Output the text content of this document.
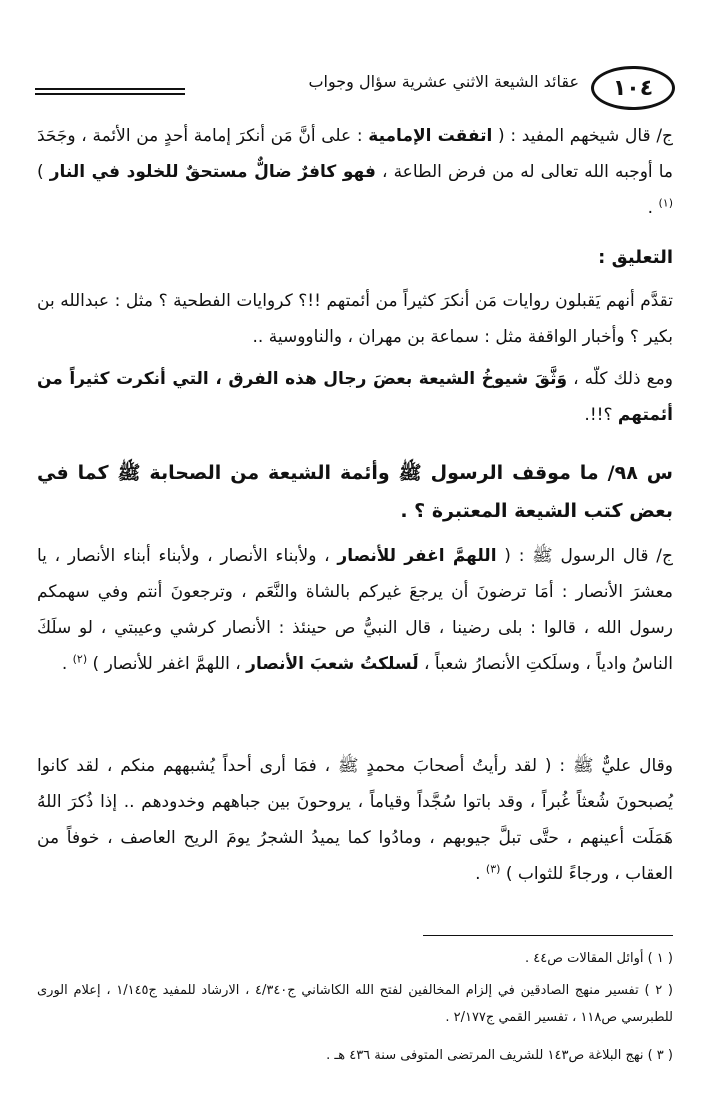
١٠٤
عقائد الشيعة الاثني عشرية سؤال وجواب
ج/ قال شيخهم المفيد : ( اتفقت الإمامية : على أنَّ مَن أنكرَ إمامة أحدٍ من الأئمة ، وجَحَدَ ما أوجبه الله تعالى له من فرض الطاعة ، فهو كافرٌ ضالٌّ مستحقٌ للخلود في النار ) $^{(١)}$ .
التعليق :
تقدَّم أنهم يَقبلون روايات مَن أنكرَ كثيراً من أئمتهم !!؟ كروايات الفطحية ؟ مثل : عبدالله بن بكير ؟ وأخبار الواقفة مثل : سماعة بن مهران ، والناووسية ..
ومع ذلك كلّه ، وَثَّقَ شيوخُ الشيعة بعضَ رجال هذه الفرق ، التي أنكرت كثيراً من أئمتهم ؟!!.
س ٩٨/ ما موقف الرسول ﷺ وأئمة الشيعة من الصحابة ﷺ كما في بعض كتب الشيعة المعتبرة ؟ .
ج/ قال الرسول ﷺ : ( اللهمَّ اغفر للأنصار ، ولأبناء الأنصار ، ولأبناء أبناء الأنصار ، يا معشرَ الأنصار : أمَا ترضونَ أن يرجعَ غيركم بالشاة والنَّعَم ، وترجعونَ أنتم وفي سهمكم رسول الله ، قالوا : بلى رضينا ، قال النبيُّ ص حينئذ : الأنصار كرشي وعيبتي ، لو سلَكَ الناسُ وادياً ، وسلَكتِ الأنصارُ شعباً ، لَسلكتُ شعبَ الأنصار ، اللهمَّ اغفر للأنصار ) $^{(٢)}$ .
وقال عليٌّ ﷺ : ( لقد رأيتُ أصحابَ محمدٍ ﷺ ، فمَا أرى أحداً يُشبههم منكم ، لقد كانوا يُصبحونَ شُعثاً غُبراً ، وقد باتوا سُجَّداً وقياماً ، يروحونَ بين جباههم وخدودهم .. إذا ذُكرَ اللهُ هَمَلَت أعينهم ، حتَّى تبلَّ جيوبهم ، ومادُوا كما يميدُ الشجرُ يومَ الريح العاصف ، خوفاً من العقاب ، ورجاءً للثواب ) $^{(٣)}$ .
( ١ ) أوائل المقالات ص٤٤ .
( ٢ ) تفسير منهج الصادقين في إلزام المخالفين لفتح الله الكاشاني ج٤/٣٤٠ ، الارشاد للمفيد ج١/١٤٥ ، إعلام الورى للطبرسي ص١١٨ ، تفسير القمي ج٢/١٧٧ .
( ٣ ) نهج البلاغة ص١٤٣ للشريف المرتضى المتوفى سنة ٤٣٦ هـ .
